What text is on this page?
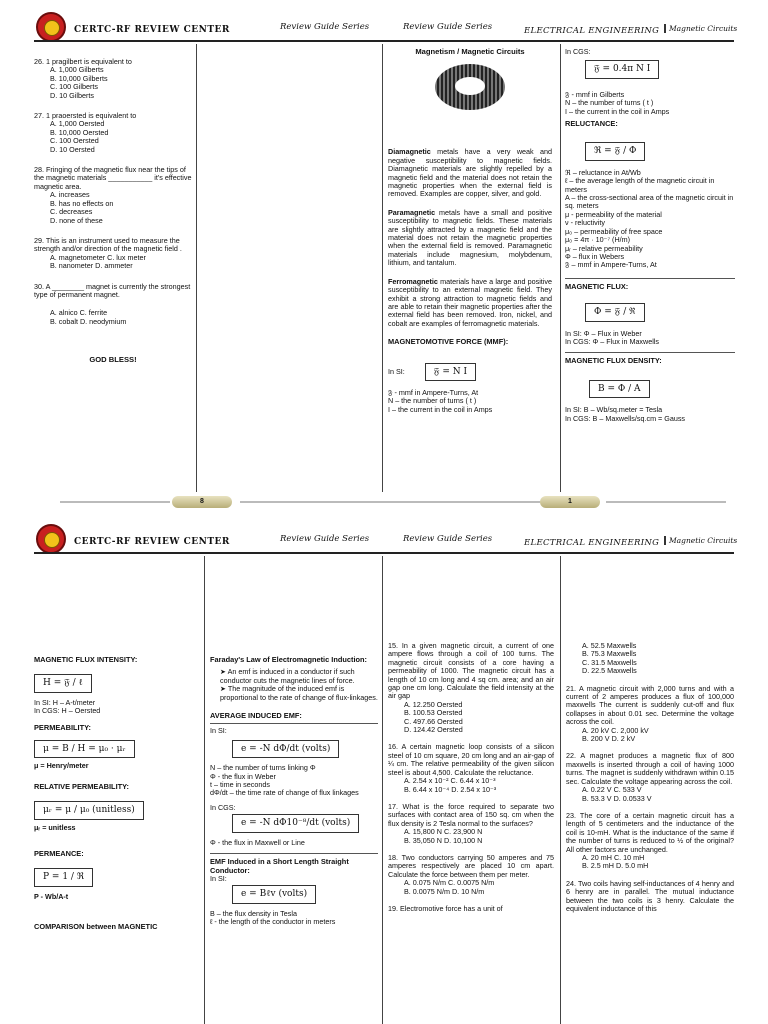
CERTC-RF REVIEW CENTER	Review Guide Series	Review Guide Series	ELECTRICAL ENGINEERING	Magnetic Circuits
26. 1 pragilbert is equivalent to
A. 1,000 Gilberts
B. 10,000 Gilberts
C. 100 Gilberts
D. 10 Gilberts
27. 1 praoersted is equivalent to
A. 1,000 Oersted
B. 10,000 Oersted
C. 100 Oersted
D. 10 Oersted
28. Fringing of the magnetic flux near the tips of the magnetic materials ___________ it's effective magnetic area.
A. increases
B. has no effects on
C. decreases
D. none of these
29. This is an instrument used to measure the strength and/or direction of the magnetic field .
A. magnetometer C. lux meter
B. nanometer D. ammeter
30. A ________ magnet is currently the strongest type of permanent magnet.
A. alnico C. ferrite
B. cobalt D. neodymium
GOD BLESS!
Magnetism / Magnetic Circuits
Diamagnetic metals have a very weak and negative susceptibility to magnetic fields. Diamagnetic materials are slightly repelled by a magnetic field and the material does not retain the magnetic properties when the external field is removed. Examples are copper, silver, and gold.
Paramagnetic metals have a small and positive susceptibility to magnetic fields. These materials are slightly attracted by a magnetic field and the material does not retain the magnetic properties when the external field is removed. Paramagnetic materials include magnesium, molybdenum, lithium, and tantalum.
Ferromagnetic materials have a large and positive susceptibility to an external magnetic field. They exhibit a strong attraction to magnetic fields and are able to retain their magnetic properties after the external field has been removed. Iron, nickel, and cobalt are examples of ferromagnetic materials.
MAGNETOMOTIVE FORCE (MMF):
In SI:	𝔉 = N I
𝔉 - mmf in Ampere-Turns, At
N – the number of turns ( t )
I – the current in the coil in Amps
In CGS:
𝔉 = 0.4π N I
𝔉 - mmf in Gilberts
N – the number of turns ( t )
I – the current in the coil in Amps
RELUCTANCE:
ℜ = 𝔉 / Φ
ℜ – reluctance in At/Wb
ℓ – the average length of the magnetic circuit in meters
A – the cross-sectional area of the magnetic circuit in sq. meters
μ - permeability of the material
ν - reluctivity
μ₀ – permeability of free space
μ₀ = 4π · 10⁻⁷ (H/m)
μᵣ – relative permeability
Φ – flux in Webers
𝔉 – mmf in Ampere-Turns, At
MAGNETIC FLUX:
Φ = 𝔉 / ℜ
In SI: Φ – Flux in Weber
In CGS: Φ – Flux in Maxwells
MAGNETIC FLUX DENSITY:
B = Φ / A
In SI: B – Wb/sq.meter = Tesla
In CGS: B – Maxwells/sq.cm = Gauss
8	1
CERTC-RF REVIEW CENTER	Review Guide Series	Review Guide Series	ELECTRICAL ENGINEERING	Magnetic Circuits
MAGNETIC FLUX INTENSITY:
H = 𝔉 / ℓ
In SI: H – A-t/meter
In CGS: H – Oersted
PERMEABILITY:
μ = B / H = μ₀ · μᵣ
μ = Henry/meter
RELATIVE PERMEABILITY:
μᵣ = μ / μ₀ (unitless)
μᵣ = unitless
PERMEANCE:
P = 1 / ℜ
P - Wb/A-t
COMPARISON between MAGNETIC
Faraday's Law of Electromagnetic Induction:
➤ An emf is induced in a conductor if such conductor cuts the magnetic lines of force.
➤ The magnitude of the induced emf is proportional to the rate of change of flux-linkages.
AVERAGE INDUCED EMF:
In SI:
e = -N dΦ/dt (volts)
N – the number of turns linking Φ
Φ - the flux in Weber
t – time in seconds
dΦ/dt – the time rate of change of flux linkages
In CGS:
e = -N dΦ10⁻⁸/dt (volts)
Φ - the flux in Maxwell or Line
EMF Induced in a Short Length Straight Conductor:
In SI:
e = Bℓv (volts)
B – the flux density in Tesla
ℓ - the length of the conductor in meters
15. In a given magnetic circuit, a current of one ampere flows through a coil of 100 turns. The magnetic circuit consists of a core having a permeability of 1000. The magnetic circuit has a length of 10 cm long and 4 sq cm. area; and an air gap one cm long. Calculate the field intensity at the air gap
A. 12.250 Oersted
B. 100.53 Oersted
C. 497.66 Oersted
D. 124.42 Oersted
16. A certain magnetic loop consists of a silicon steel of 10 cm square, 20 cm long and an air-gap of ¼ cm. The relative permeability of the given silicon steel is about 4,500. Calculate the reluctance.
A. 2.54 x 10⁻² C. 6.44 x 10⁻³
B. 6.44 x 10⁻⁴ D. 2.54 x 10⁻³
17. What is the force required to separate two surfaces with contact area of 150 sq. cm when the flux density is 2 Tesla normal to the surfaces?
A. 15,800 N C. 23,900 N
B. 35,050 N D. 10,100 N
18. Two conductors carrying 50 amperes and 75 amperes respectively are placed 10 cm apart. Calculate the force between them per meter.
A. 0.075 N/m C. 0.0075 N/m
B. 0.0075 N/m D. 10 N/m
19. Electromotive force has a unit of
A. 52.5 Maxwells
B. 75.3 Maxwells
C. 31.5 Maxwells
D. 22.5 Maxwells
21. A magnetic circuit with 2,000 turns and with a current of 2 amperes produces a flux of 100,000 maxwells The current is suddenly cut-off and flux collapses in about 0.01 sec. Determine the voltage across the coil.
A. 20 kV C. 2,000 kV
B. 200 V D. 2 kV
22. A magnet produces a magnetic flux of 800 maxwells is inserted through a coil of having 1000 turns. The magnet is suddenly withdrawn within 0.15 sec. Calculate the voltage appearing across the coil.
A. 0.22 V C. 533 V
B. 53.3 V D. 0.0533 V
23. The core of a certain magnetic circuit has a length of 5 centimeters and the inductance of the coil is 10-mH. What is the inductance of the same if the number of turns is reduced to ½ of the original? All other factors are unchanged.
A. 20 mH C. 10 mH
B. 2.5 mH D. 5.0 mH
24. Two coils having self-inductances of 4 henry and 6 henry are in parallel. The mutual inductance between the two coils is 3 henry. Calculate the equivalent inductance of this
